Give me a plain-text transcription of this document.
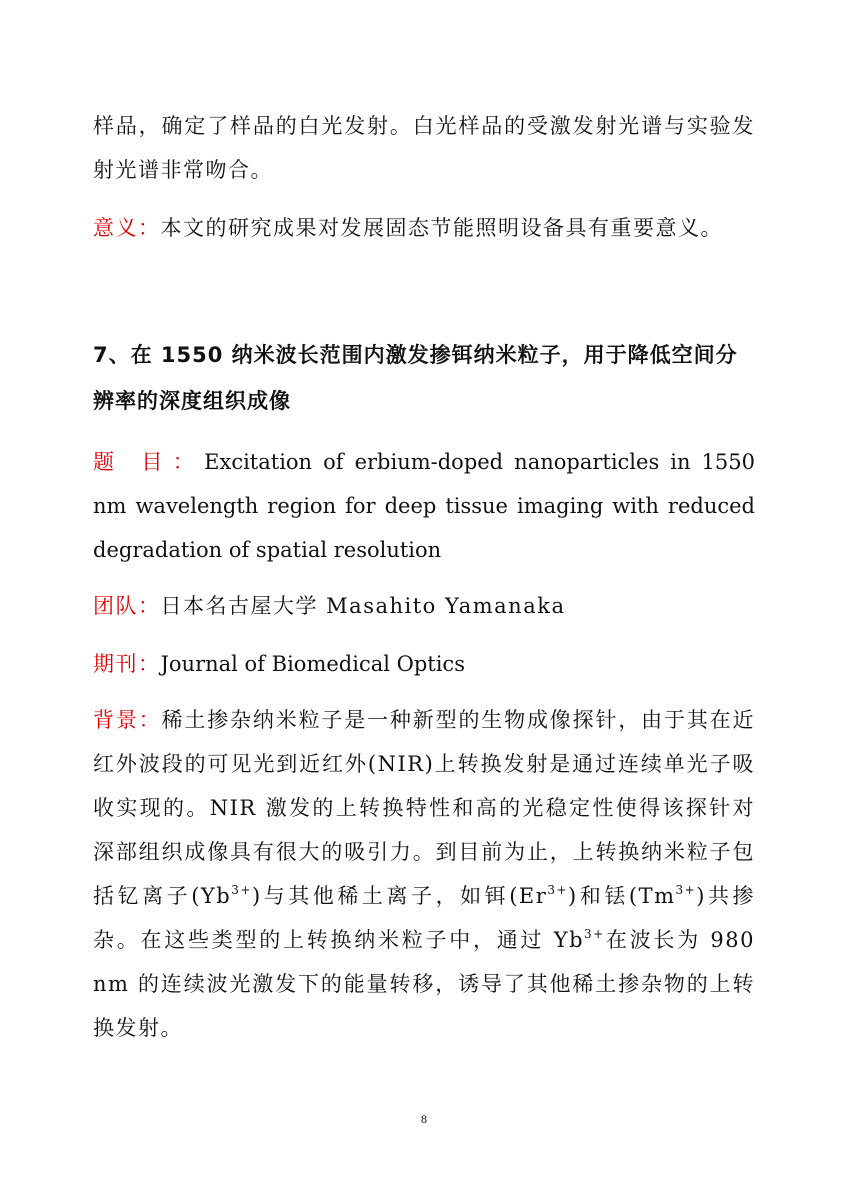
样品，确定了样品的白光发射。白光样品的受激发射光谱与实验发射光谱非常吻合。

意义：本文的研究成果对发展固态节能照明设备具有重要意义。

7、在 1550 纳米波长范围内激发掺铒纳米粒子，用于降低空间分辨率的深度组织成像

题 目：Excitation of erbium-doped nanoparticles in 1550 nm wavelength region for deep tissue imaging with reduced degradation of spatial resolution

团队：日本名古屋大学 Masahito Yamanaka

期刊：Journal of Biomedical Optics

背景：稀土掺杂纳米粒子是一种新型的生物成像探针，由于其在近红外波段的可见光到近红外(NIR)上转换发射是通过连续单光子吸收实现的。NIR 激发的上转换特性和高的光稳定性使得该探针对深部组织成像具有很大的吸引力。到目前为止，上转换纳米粒子包括钇离子$(Yb^{3+})$与其他稀土离子，如铒$(Er^{3+})$和铥$(Tm^{3+})$共掺杂。在这些类型的上转换纳米粒子中，通过 $Yb^{3+}$在波长为 980 nm 的连续波光激发下的能量转移，诱导了其他稀土掺杂物的上转换发射。

8
